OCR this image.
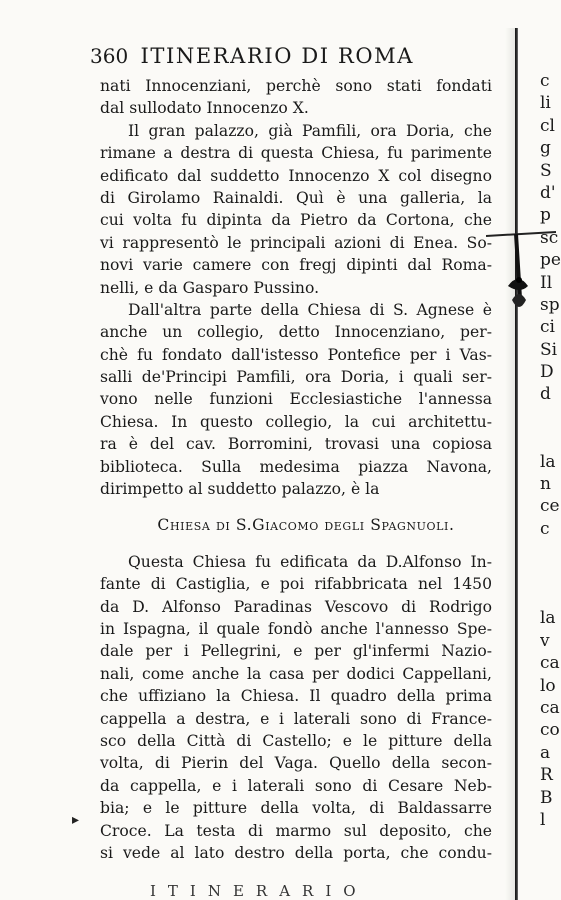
360 ITINERARIO DI ROMA
nati Innocenziani, perchè sono stati fondati
dal sullodato Innocenzo X.
Il gran palazzo, già Pamfili, ora Doria, che
rimane a destra di questa Chiesa, fu parimente
edificato dal suddetto Innocenzo X col disegno
di Girolamo Rainaldi. Quì è una galleria, la
cui volta fu dipinta da Pietro da Cortona, che
vi rappresentò le principali azioni di Enea. So-
novi varie camere con fregj dipinti dal Roma-
nelli, e da Gasparo Pussino.
Dall'altra parte della Chiesa di S. Agnese è
anche un collegio, detto Innocenziano, per-
chè fu fondato dall'istesso Pontefice per i Vas-
salli de'Principi Pamfili, ora Doria, i quali ser-
vono nelle funzioni Ecclesiastiche l'annessa
Chiesa. In questo collegio, la cui architettu-
ra è del cav. Borromini, trovasi una copiosa
biblioteca. Sulla medesima piazza Navona,
dirimpetto al suddetto palazzo, è la
Chiesa di S.Giacomo degli Spagnuoli.
Questa Chiesa fu edificata da D.Alfonso In-
fante di Castiglia, e poi rifabbricata nel 1450
da D. Alfonso Paradinas Vescovo di Rodrigo
in Ispagna, il quale fondò anche l'annesso Spe-
dale per i Pellegrini, e per gl'infermi Nazio-
nali, come anche la casa per dodici Cappellani,
che uffiziano la Chiesa. Il quadro della prima
cappella a destra, e i laterali sono di France-
sco della Città di Castello; e le pitture della
volta, di Pierin del Vaga. Quello della secon-
da cappella, e i laterali sono di Cesare Neb-
bia; e le pitture della volta, di Baldassarre
Croce. La testa di marmo sul deposito, che
si vede al lato destro della porta, che condu-
▸
c
li
cl
g
S
d'
p
sc
pe
Il
sp
ci
Si
D
d
la
n
ce
c
la
v
ca
lo
ca
co
a
R
B
l
ITINERARIO
